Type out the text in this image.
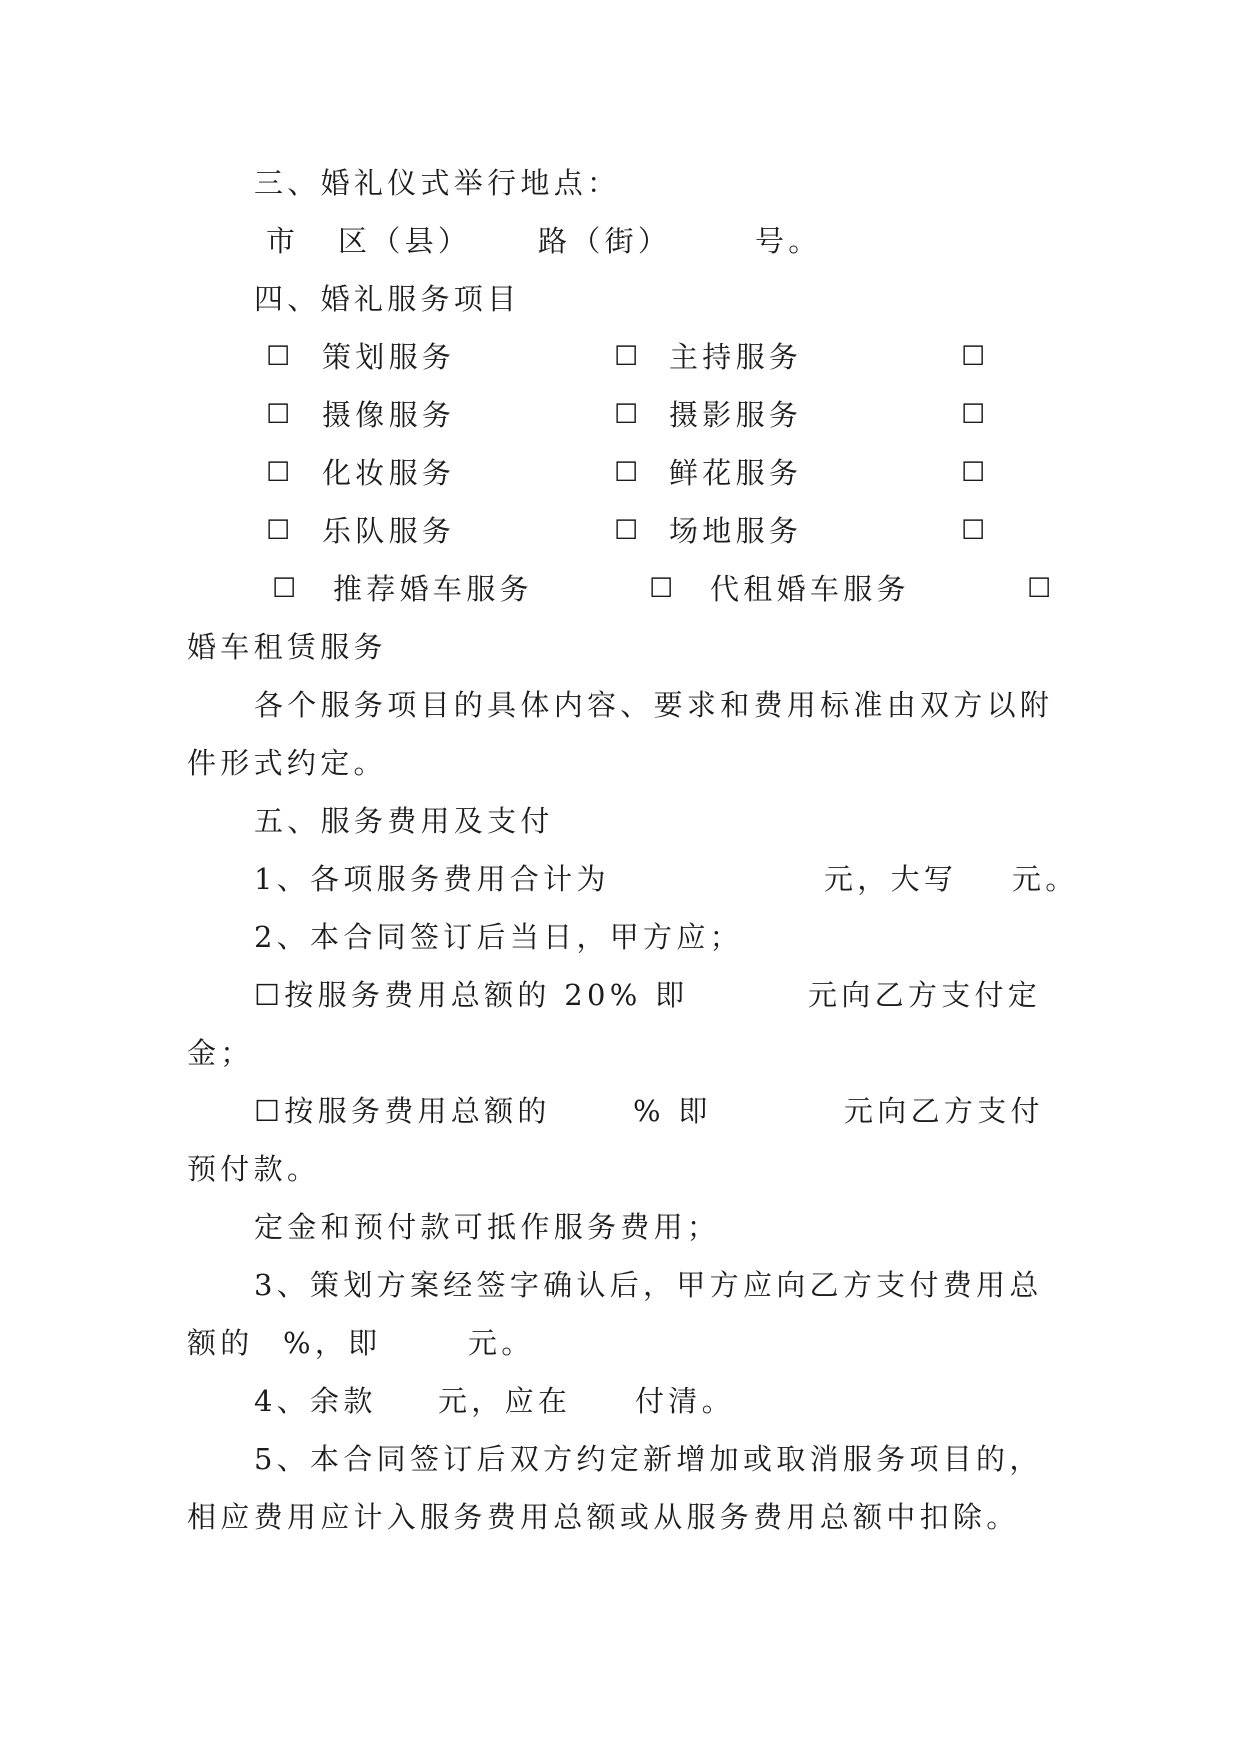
三、婚礼仪式举行地点：
市 区（县） 路（街）	号。
四、婚礼服务项目
☐ 策划服务	☐ 主持服务	☐
☐ 摄像服务	☐ 摄影服务	☐
☐ 化妆服务	☐ 鲜花服务	☐
☐ 乐队服务	☐ 场地服务	☐
☐ 推荐婚车服务	☐ 代租婚车服务	☐
婚车租赁服务
各个服务项目的具体内容、要求和费用标准由双方以附
件形式约定。
五、服务费用及支付
1、各项服务费用合计为	元，大写 元。
2、本合同签订后当日，甲方应；
☐按服务费用总额的 20% 即	元向乙方支付定
金；
☐按服务费用总额的	% 即	元向乙方支付
预付款。
定金和预付款可抵作服务费用；
3、策划方案经签字确认后，甲方应向乙方支付费用总
额的 %，即	元。
4、余款 元，应在 付清。
5、本合同签订后双方约定新增加或取消服务项目的，
相应费用应计入服务费用总额或从服务费用总额中扣除。
